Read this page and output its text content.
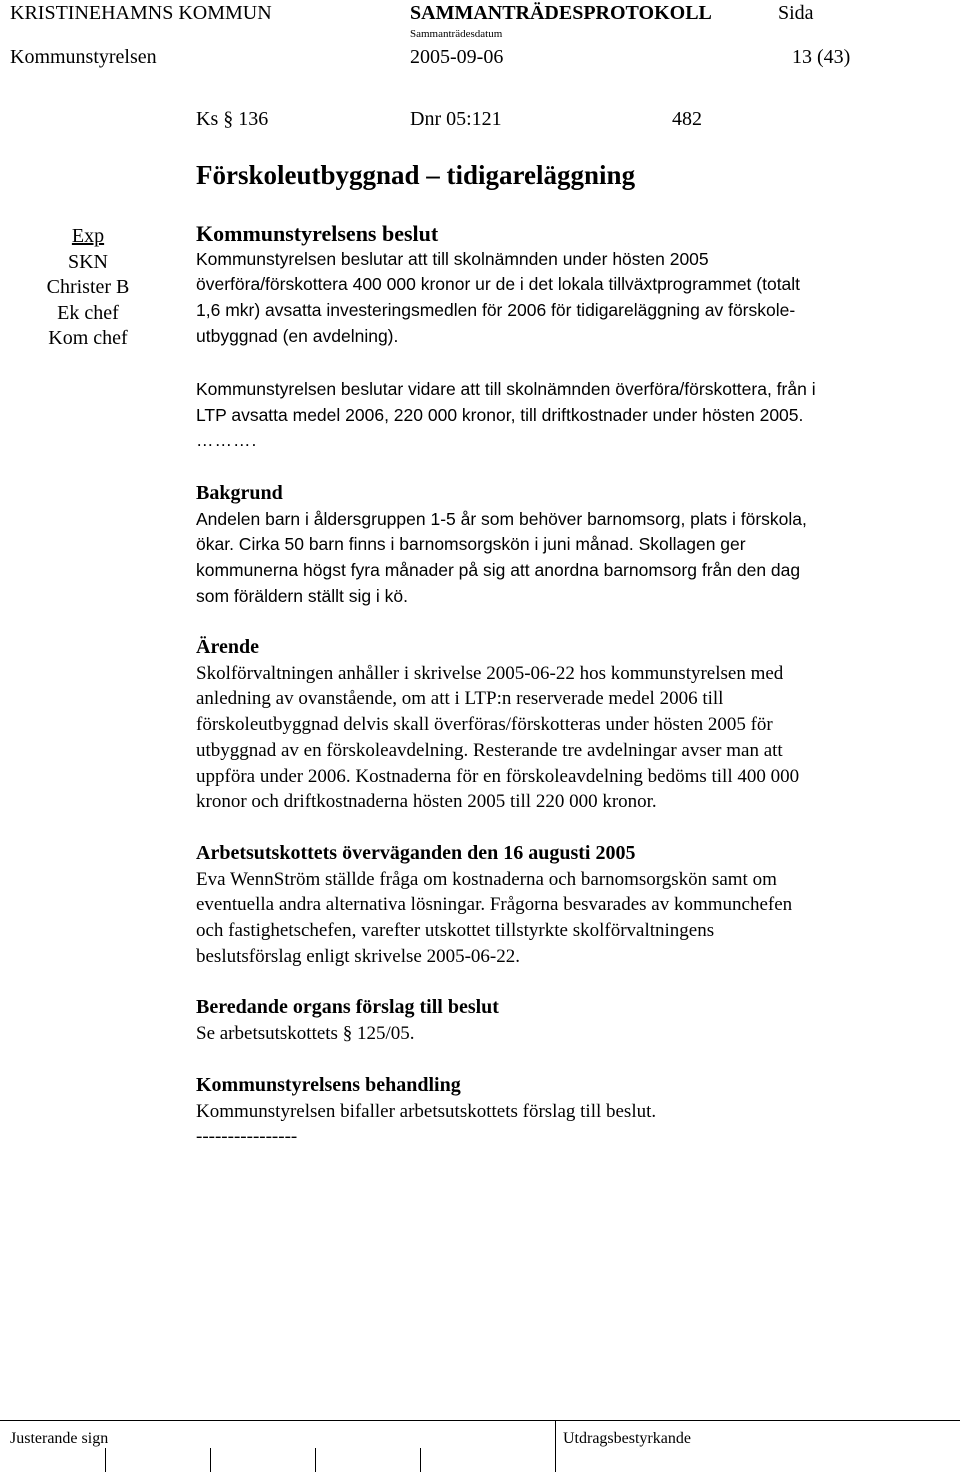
KRISTINEHAMNS KOMMUN	SAMMANTRÄDESPROTOKOLL	Sida
Sammanträdesdatum
Kommunstyrelsen	2005-09-06	13 (43)
Ks § 136	Dnr 05:121	482
Förskoleutbyggnad – tidigareläggning
Exp
SKN
Christer B
Ek chef
Kom chef

Kommunstyrelsens beslut

Kommunstyrelsen beslutar att till skolnämnden under hösten 2005

överföra/förskottera 400 000 kronor ur de i det lokala tillväxtprogrammet (totalt

1,6 mkr) avsatta investeringsmedlen för 2006 för tidigareläggning av förskole-

utbyggnad (en avdelning).

Kommunstyrelsen beslutar vidare att till skolnämnden överföra/förskottera, från i

LTP avsatta medel 2006, 220 000 kronor, till driftkostnader under hösten 2005.

……….

Bakgrund

Andelen barn i åldersgruppen 1-5 år som behöver barnomsorg, plats i förskola,

ökar. Cirka 50 barn finns i barnomsorgskön i juni månad. Skollagen ger

kommunerna högst fyra månader på sig att anordna barnomsorg från den dag

som föräldern ställt sig i kö.

Ärende

Skolförvaltningen anhåller i skrivelse 2005-06-22 hos kommunstyrelsen med

anledning av ovanstående, om att i LTP:n reserverade medel 2006 till

förskoleutbyggnad delvis skall överföras/förskotteras under hösten 2005 för

utbyggnad av en förskoleavdelning. Resterande tre avdelningar avser man att

uppföra under 2006. Kostnaderna för en förskoleavdelning bedöms till 400 000

kronor och driftkostnaderna hösten 2005 till 220 000 kronor.

Arbetsutskottets överväganden den 16 augusti 2005

Eva WennStröm ställde fråga om kostnaderna och barnomsorgskön samt om

eventuella andra alternativa lösningar. Frågorna besvarades av kommunchefen

och fastighetschefen, varefter utskottet tillstyrkte skolförvaltningens

beslutsförslag enligt skrivelse 2005-06-22.

Beredande organs förslag till beslut

Se arbetsutskottets § 125/05.

Kommunstyrelsens behandling

Kommunstyrelsen bifaller arbetsutskottets förslag till beslut.

----------------

Justerande sign	Utdragsbestyrkande
